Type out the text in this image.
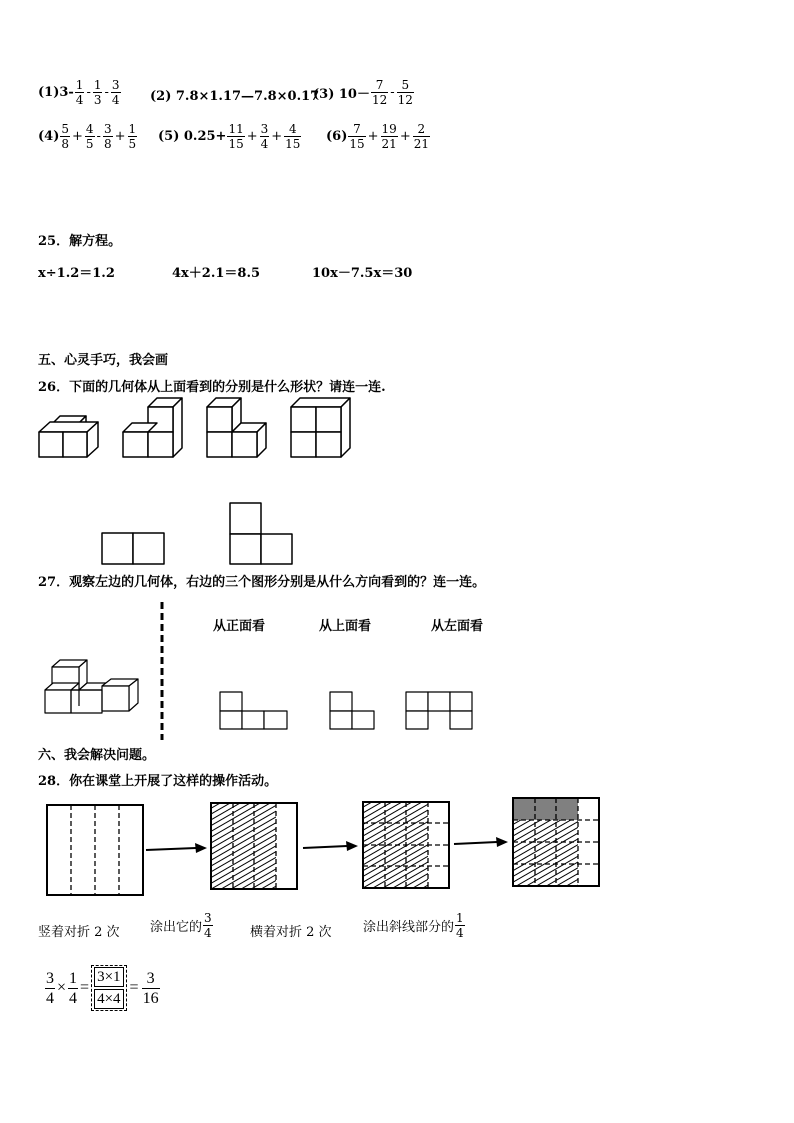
$(1)3- \frac{1}{4} - \frac{1}{3} - \frac{3}{4} (2)$ 7.8×1.17—7.8×0.17
(3) $10- \frac{7}{12} - \frac{5}{12}$
$(4) \frac{5}{8} + \frac{4}{5} - \frac{3}{8} + \frac{1}{5} (5)$ $0.25+ \frac{11}{15} + \frac{3}{4} + \frac{4}{15} (6) \frac{7}{15} + \frac{19}{21} + \frac{2}{21}$
25．解方程。
x÷1.2＝1.2	4x＋2.1＝8.5	10x－7.5x＝30
五、心灵手巧，我会画
26．下面的几何体从上面看到的分别是什么形状？请连一连.
27．观察左边的几何体，右边的三个图形分别是从什么方向看到的？连一连。
从正面看	从上面看	从左面看
六、我会解决问题。
28．你在课堂上开展了这样的操作活动。
竖着对折 2 次 涂出它的 $\frac{3}{4}$	横着对折 2 次 涂出斜线部分的 $\frac{1}{4}$
$\frac{3}{4} \times \frac{1}{4} = \frac{3\times 1}{4\times 4} = \frac{3}{16}$
